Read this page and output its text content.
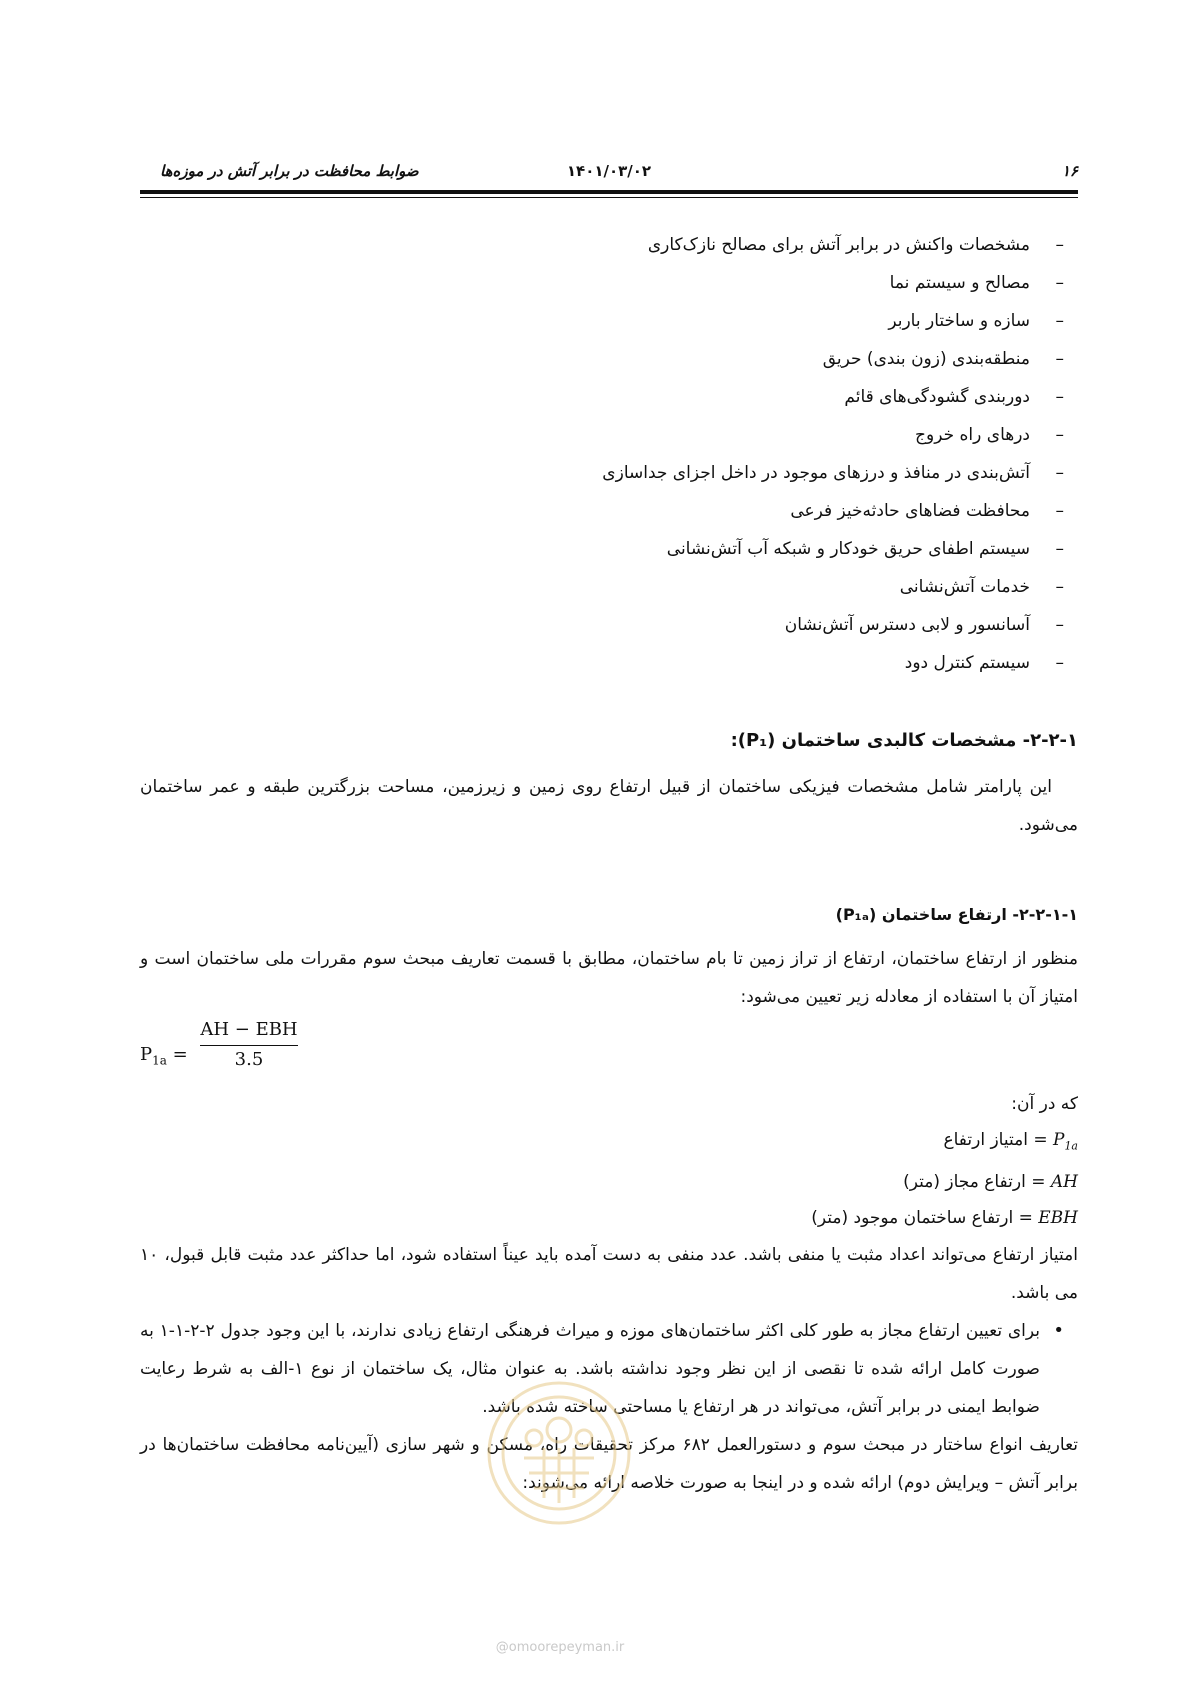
۱۶
۱۴۰۱/۰۳/۰۲
ضوابط محافظت در برابر آتش در موزه‌ها
– مشخصات واکنش در برابر آتش برای مصالح نازک‌کاری
– مصالح و سیستم نما
– سازه و ساختار باربر
– منطقه‌بندی (زون بندی) حریق
– دوربندی گشودگی‌های قائم
– درهای راه خروج
– آتش‌بندی در منافذ و درزهای موجود در داخل اجزای جداسازی
– محافظت فضاهای حادثه‌خیز فرعی
– سیستم اطفای حریق خودکار و شبکه آب آتش‌نشانی
– خدمات آتش‌نشانی
– آسانسور و لابی دسترس آتش‌نشان
– سیستم کنترل دود
۲-۲-۱- مشخصات کالبدی ساختمان (P₁):

این پارامتر شامل مشخصات فیزیکی ساختمان از قبیل ارتفاع روی زمین و زیرزمین، مساحت بزرگترین طبقه و عمر ساختمان می‌شود.

۲-۲-۱-۱- ارتفاع ساختمان (P₁ₐ)

منظور از ارتفاع ساختمان، ارتفاع از تراز زمین تا بام ساختمان، مطابق با قسمت تعاریف مبحث سوم مقررات ملی ساختمان است و امتیاز آن با استفاده از معادله زیر تعیین می‌شود:

$P_{1a}$ =
AH − EBH
3.5
که در آن:
$P_{1a}$ = امتیاز ارتفاع
AH = ارتفاع مجاز (متر)
EBH = ارتفاع ساختمان موجود (متر)

امتیاز ارتفاع می‌تواند اعداد مثبت یا منفی باشد. عدد منفی به دست آمده باید عیناً استفاده شود، اما حداکثر عدد مثبت قابل قبول، ۱۰ می باشد.

• برای تعیین ارتفاع مجاز به طور کلی اکثر ساختمان‌های موزه و میراث فرهنگی ارتفاع زیادی ندارند، با این وجود جدول ۲-۲-۱-۱ به صورت کامل ارائه شده تا نقصی از این نظر وجود نداشته باشد. به عنوان مثال، یک ساختمان از نوع ۱-الف به شرط رعایت ضوابط ایمنی در برابر آتش، می‌تواند در هر ارتفاع یا مساحتی ساخته شده باشد.

تعاریف انواع ساختار در مبحث سوم و دستورالعمل ۶۸۲ مرکز تحقیقات راه، مسکن و شهر سازی (آیین‌نامه محافظت ساختمان‌ها در برابر آتش – ویرایش دوم) ارائه شده و در اینجا به صورت خلاصه ارائه می‌شوند:

@omoorepeyman.ir
